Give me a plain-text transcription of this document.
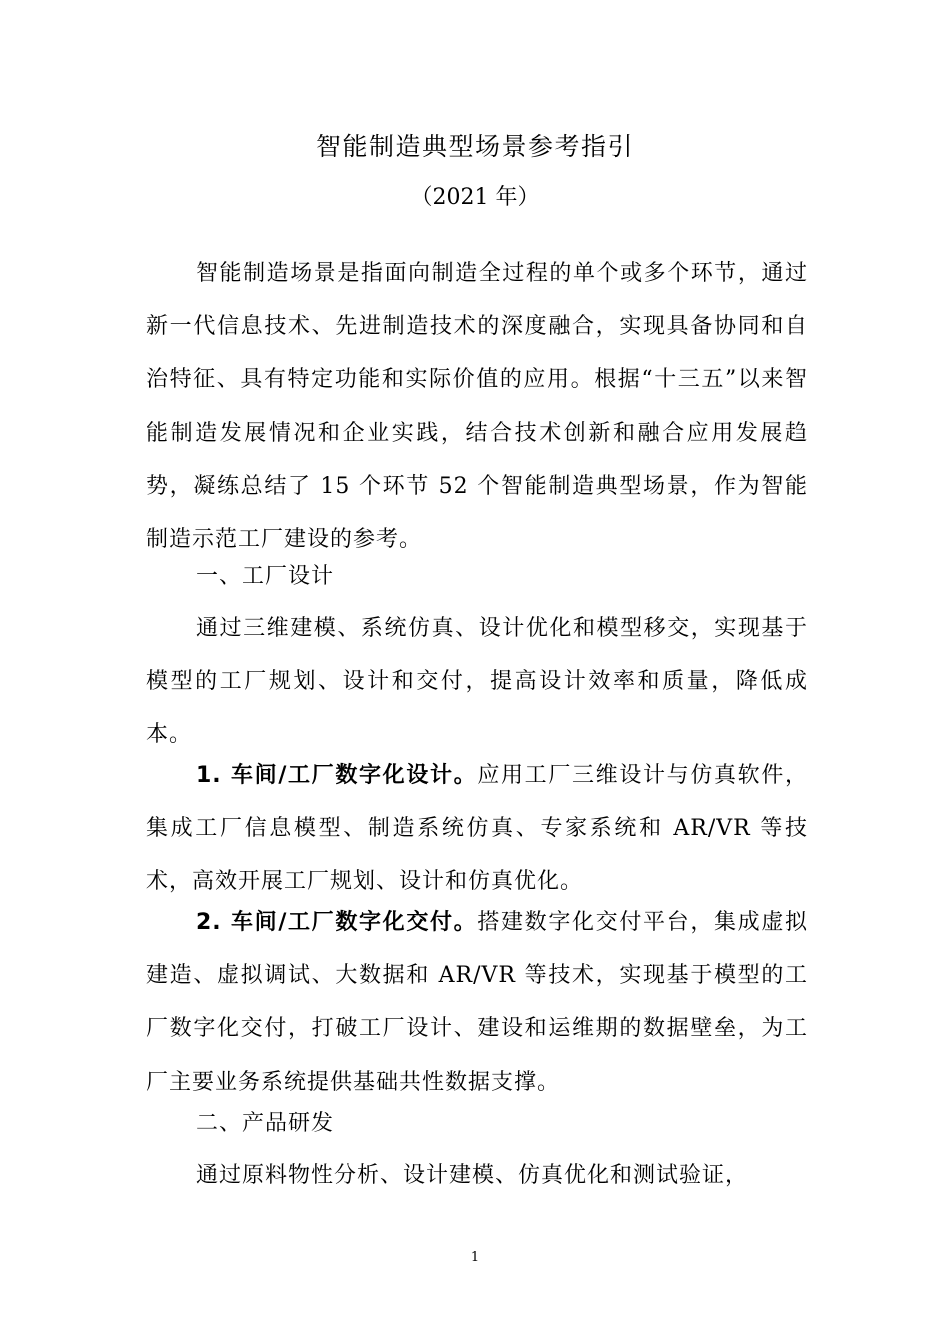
智能制造典型场景参考指引

（2021 年）

智能制造场景是指面向制造全过程的单个或多个环节，通过新一代信息技术、先进制造技术的深度融合，实现具备协同和自治特征、具有特定功能和实际价值的应用。根据“十三五”以来智能制造发展情况和企业实践，结合技术创新和融合应用发展趋势，凝练总结了 15 个环节 52 个智能制造典型场景，作为智能制造示范工厂建设的参考。

一、工厂设计

通过三维建模、系统仿真、设计优化和模型移交，实现基于模型的工厂规划、设计和交付，提高设计效率和质量，降低成本。

1. 车间/工厂数字化设计。应用工厂三维设计与仿真软件，集成工厂信息模型、制造系统仿真、专家系统和 AR/VR 等技术，高效开展工厂规划、设计和仿真优化。

2. 车间/工厂数字化交付。搭建数字化交付平台，集成虚拟建造、虚拟调试、大数据和 AR/VR 等技术，实现基于模型的工厂数字化交付，打破工厂设计、建设和运维期的数据壁垒，为工厂主要业务系统提供基础共性数据支撑。

二、产品研发

通过原料物性分析、设计建模、仿真优化和测试验证，

1
